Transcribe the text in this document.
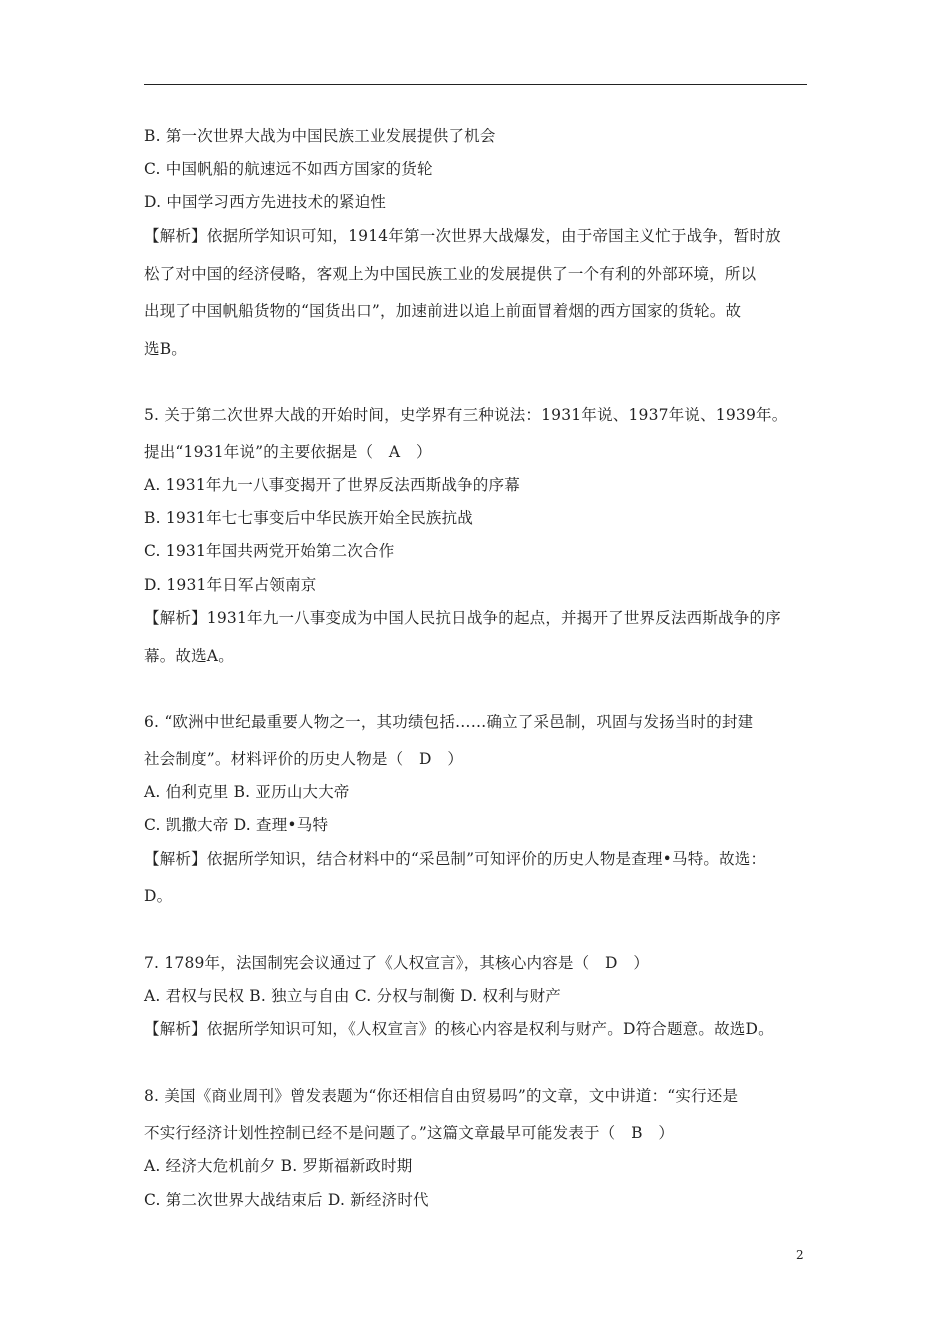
B. 第一次世界大战为中国民族工业发展提供了机会
C. 中国帆船的航速远不如西方国家的货轮
D. 中国学习西方先进技术的紧迫性
【解析】依据所学知识可知，1914年第一次世界大战爆发，由于帝国主义忙于战争，暂时放
松了对中国的经济侵略，客观上为中国民族工业的发展提供了一个有利的外部环境，所以
出现了中国帆船货物的“国货出口”，加速前进以追上前面冒着烟的西方国家的货轮。故
选B。
5. 关于第二次世界大战的开始时间，史学界有三种说法：1931年说、1937年说、1939年。
提出“1931年说”的主要依据是（　A　）
A. 1931年九一八事变揭开了世界反法西斯战争的序幕
B. 1931年七七事变后中华民族开始全民族抗战
C. 1931年国共两党开始第二次合作
D. 1931年日军占领南京
【解析】1931年九一八事变成为中国人民抗日战争的起点，并揭开了世界反法西斯战争的序
幕。故选A。
6. “欧洲中世纪最重要人物之一，其功绩包括……确立了采邑制，巩固与发扬当时的封建
社会制度”。材料评价的历史人物是（　D　）
A. 伯利克里 B. 亚历山大大帝
C. 凯撒大帝 D. 查理•马特
【解析】依据所学知识，结合材料中的“采邑制”可知评价的历史人物是查理•马特。故选：
D。
7. 1789年，法国制宪会议通过了《人权宣言》，其核心内容是（　D　）
A. 君权与民权 B. 独立与自由 C. 分权与制衡 D. 权利与财产
【解析】依据所学知识可知，《人权宣言》的核心内容是权利与财产。D符合题意。故选D。
8. 美国《商业周刊》曾发表题为“你还相信自由贸易吗”的文章，文中讲道：“实行还是
不实行经济计划性控制已经不是问题了。”这篇文章最早可能发表于（　B　）
A. 经济大危机前夕 B. 罗斯福新政时期
C. 第二次世界大战结束后 D. 新经济时代
2
